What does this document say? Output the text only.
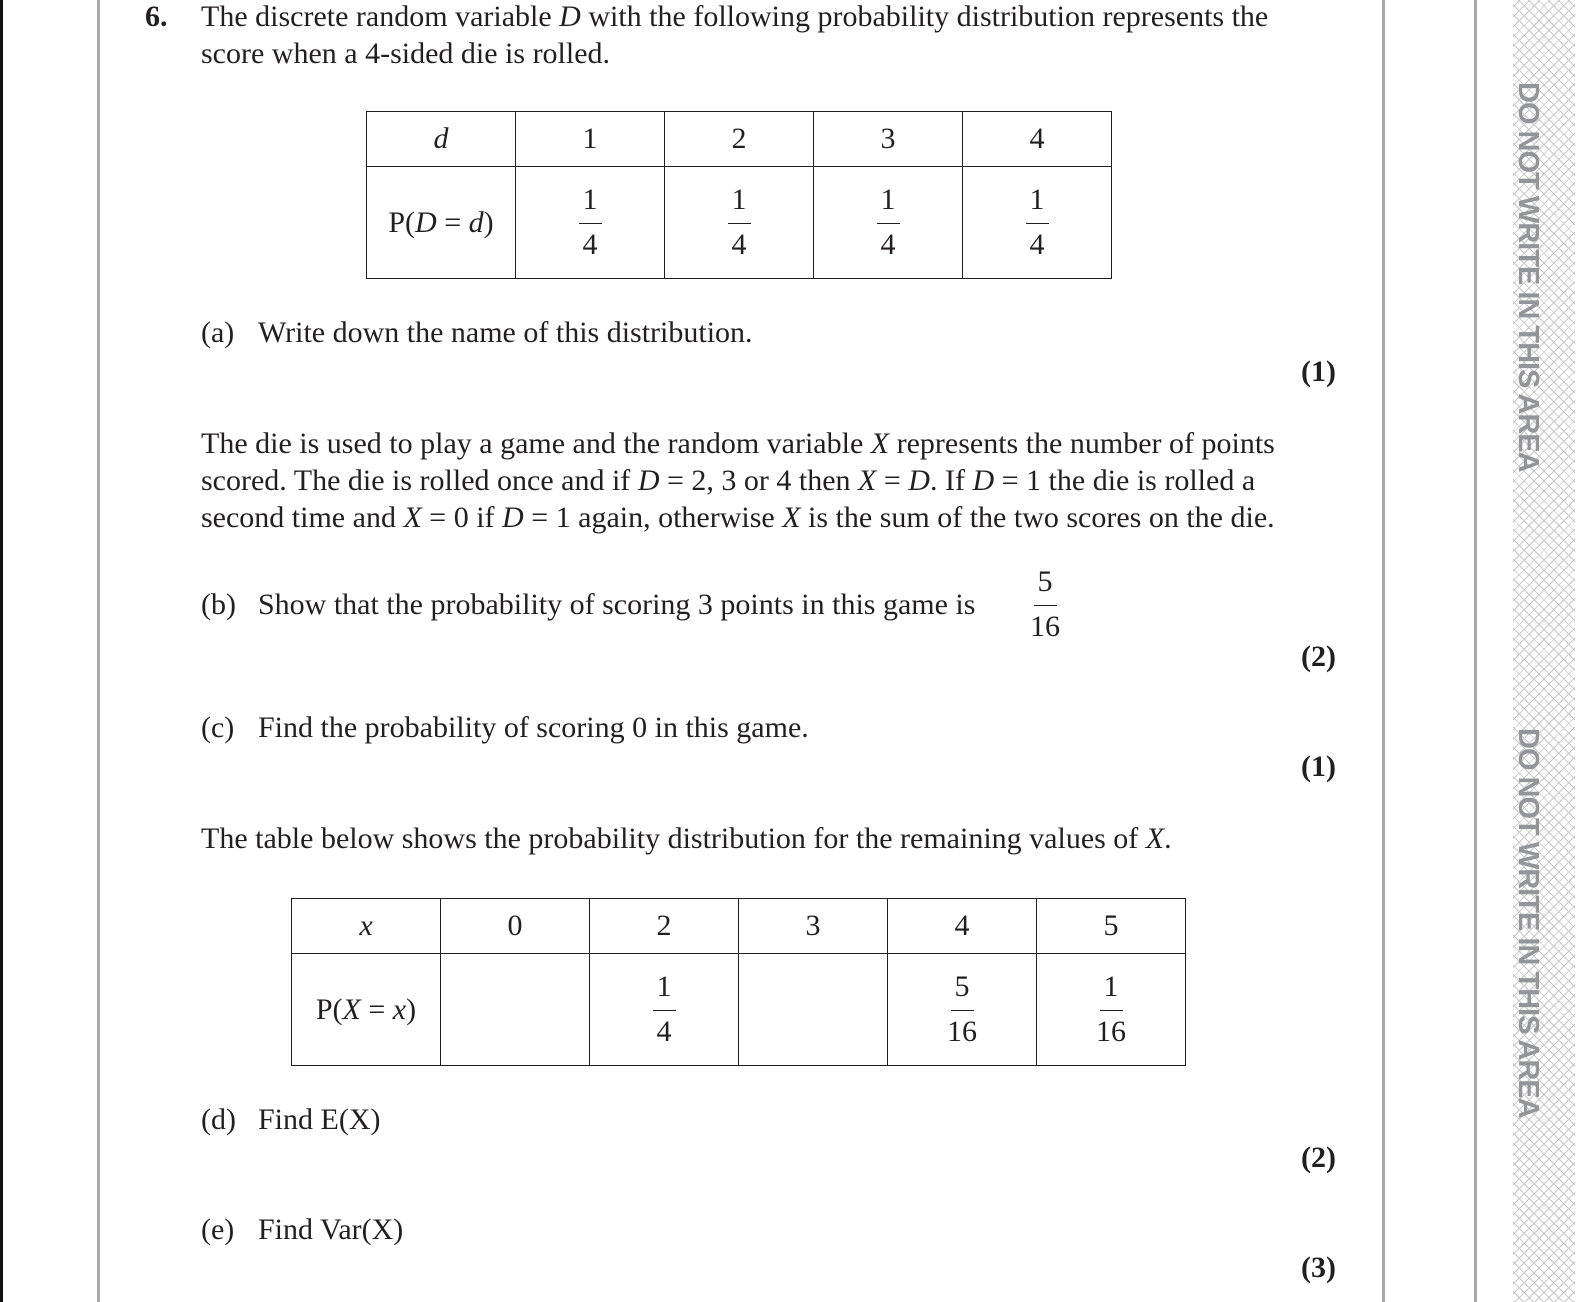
DO NOT WRITE IN THIS AREA
DO NOT WRITE IN THIS AREA
6. The discrete random variable D with the following probability distribution represents the
score when a 4-sided die is rolled.
d	1	2	3	4
P(D = d)	$\frac{1}{4}$	$\frac{1}{4}$	$\frac{1}{4}$	$\frac{1}{4}$
(a) Write down the name of this distribution.
(1)
The die is used to play a game and the random variable X represents the number of points
scored. The die is rolled once and if D = 2, 3 or 4 then X = D. If D = 1 the die is rolled a
second time and X = 0 if D = 1 again, otherwise X is the sum of the two scores on the die.
(b) Show that the probability of scoring 3 points in this game is $\frac{5}{16}$
(2)
(c) Find the probability of scoring 0 in this game.
(1)
The table below shows the probability distribution for the remaining values of X.
x	0	2	3	4	5
P(X = x)		$\frac{1}{4}$		$\frac{5}{16}$	$\frac{1}{16}$
(d) Find E(X)
(2)
(e) Find Var(X)
(3)
